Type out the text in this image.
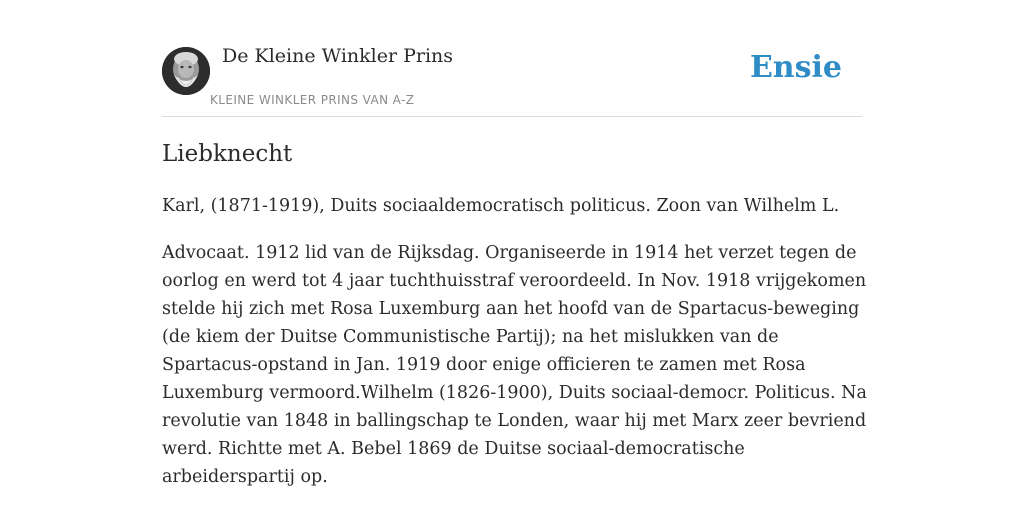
De Kleine Winkler Prins
KLEINE WINKLER PRINS VAN A-Z
Ensie
Liebknecht

Karl, (1871-1919), Duits sociaaldemocratisch politicus. Zoon van Wilhelm L.

Advocaat. 1912 lid van de Rijksdag. Organiseerde in 1914 het verzet tegen de oorlog en werd tot 4 jaar tuchthuisstraf veroordeeld. In Nov. 1918 vrijgekomen stelde hij zich met Rosa Luxemburg aan het hoofd van de Spartacus-beweging (de kiem der Duitse Communistische Partij); na het mislukken van de Spartacus-opstand in Jan. 1919 door enige officieren te zamen met Rosa Luxemburg vermoord.Wilhelm (1826-1900), Duits sociaal-democr. Politicus. Na revolutie van 1848 in ballingschap te Londen, waar hij met Marx zeer bevriend werd. Richtte met A. Bebel 1869 de Duitse sociaal-democratische arbeiderspartij op.
